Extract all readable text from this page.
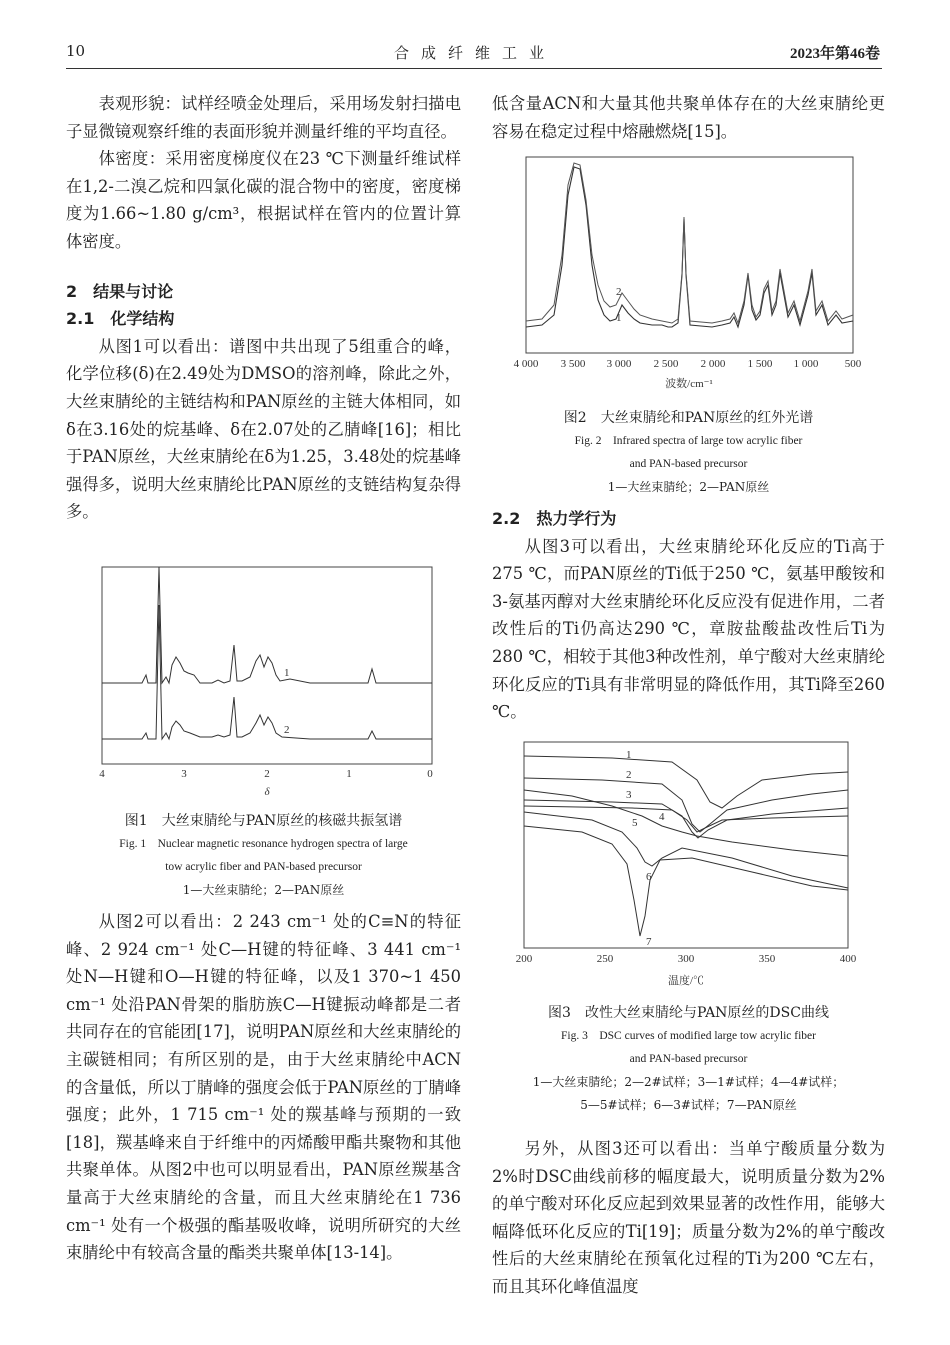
10	合成纤维工业	2023年第46卷

表观形貌：试样经喷金处理后，采用场发射扫描电子显微镜观察纤维的表面形貌并测量纤维的平均直径。

体密度：采用密度梯度仪在23 ℃下测量纤维试样在1,2-二溴乙烷和四氯化碳的混合物中的密度，密度梯度为1.66~1.80 g/cm³，根据试样在管内的位置计算体密度。

2　结果与讨论
2.1　化学结构

从图1可以看出：谱图中共出现了5组重合的峰，化学位移(δ)在2.49处为DMSO的溶剂峰，除此之外，大丝束腈纶的主链结构和PAN原丝的主链大体相同，如δ在3.16处的烷基峰、δ在2.07处的乙腈峰[16]；相比于PAN原丝，大丝束腈纶在δ为1.25，3.48处的烷基峰强得多，说明大丝束腈纶比PAN原丝的支链结构复杂得多。

1
2
4	3	2	1	0
δ
图1　大丝束腈纶与PAN原丝的核磁共振氢谱
Fig. 1　Nuclear magnetic resonance hydrogen spectra of large
tow acrylic fiber and PAN-based precursor
1—大丝束腈纶；2—PAN原丝

从图2可以看出：2 243 cm⁻¹ 处的C≡N的特征峰、2 924 cm⁻¹ 处C—H键的特征峰、3 441 cm⁻¹ 处N—H键和O—H键的特征峰，以及1 370~1 450 cm⁻¹ 处沿PAN骨架的脂肪族C—H键振动峰都是二者共同存在的官能团[17]，说明PAN原丝和大丝束腈纶的主碳链相同；有所区别的是，由于大丝束腈纶中ACN的含量低，所以丁腈峰的强度会低于PAN原丝的丁腈峰强度；此外，1 715 cm⁻¹ 处的羰基峰与预期的一致[18]，羰基峰来自于纤维中的丙烯酸甲酯共聚物和其他共聚单体。从图2中也可以明显看出，PAN原丝羰基含量高于大丝束腈纶的含量，而且大丝束腈纶在1 736 cm⁻¹ 处有一个极强的酯基吸收峰，说明所研究的大丝束腈纶中有较高含量的酯类共聚单体[13-14]。

低含量ACN和大量其他共聚单体存在的大丝束腈纶更容易在稳定过程中熔融燃烧[15]。

2
1
4 000 3 500 3 000 2 500 2 000 1 500 1 000 500
波数/cm⁻¹
图2　大丝束腈纶和PAN原丝的红外光谱
Fig. 2　Infrared spectra of large tow acrylic fiber
and PAN-based precursor
1—大丝束腈纶；2—PAN原丝
2.2　热力学行为

从图3可以看出，大丝束腈纶环化反应的Ti高于275 ℃，而PAN原丝的Ti低于250 ℃，氨基甲酸铵和3-氨基丙醇对大丝束腈纶环化反应没有促进作用，二者改性后的Ti仍高达290 ℃，章胺盐酸盐改性后Ti为280 ℃，相较于其他3种改性剂，单宁酸对大丝束腈纶环化反应的Ti具有非常明显的降低作用，其Ti降至260 ℃。

1
2
3
4
5
6
7
200	250	300	350	400
温度/℃
图3　改性大丝束腈纶与PAN原丝的DSC曲线
Fig. 3　DSC curves of modified large tow acrylic fiber
and PAN-based precursor
1—大丝束腈纶；2—2#试样；3—1#试样；4—4#试样；
5—5#试样；6—3#试样；7—PAN原丝

另外，从图3还可以看出：当单宁酸质量分数为2%时DSC曲线前移的幅度最大，说明质量分数为2%的单宁酸对环化反应起到效果显著的改性作用，能够大幅降低环化反应的Ti[19]；质量分数为2%的单宁酸改性后的大丝束腈纶在预氧化过程的Ti为200 ℃左右，而且其环化峰值温度
